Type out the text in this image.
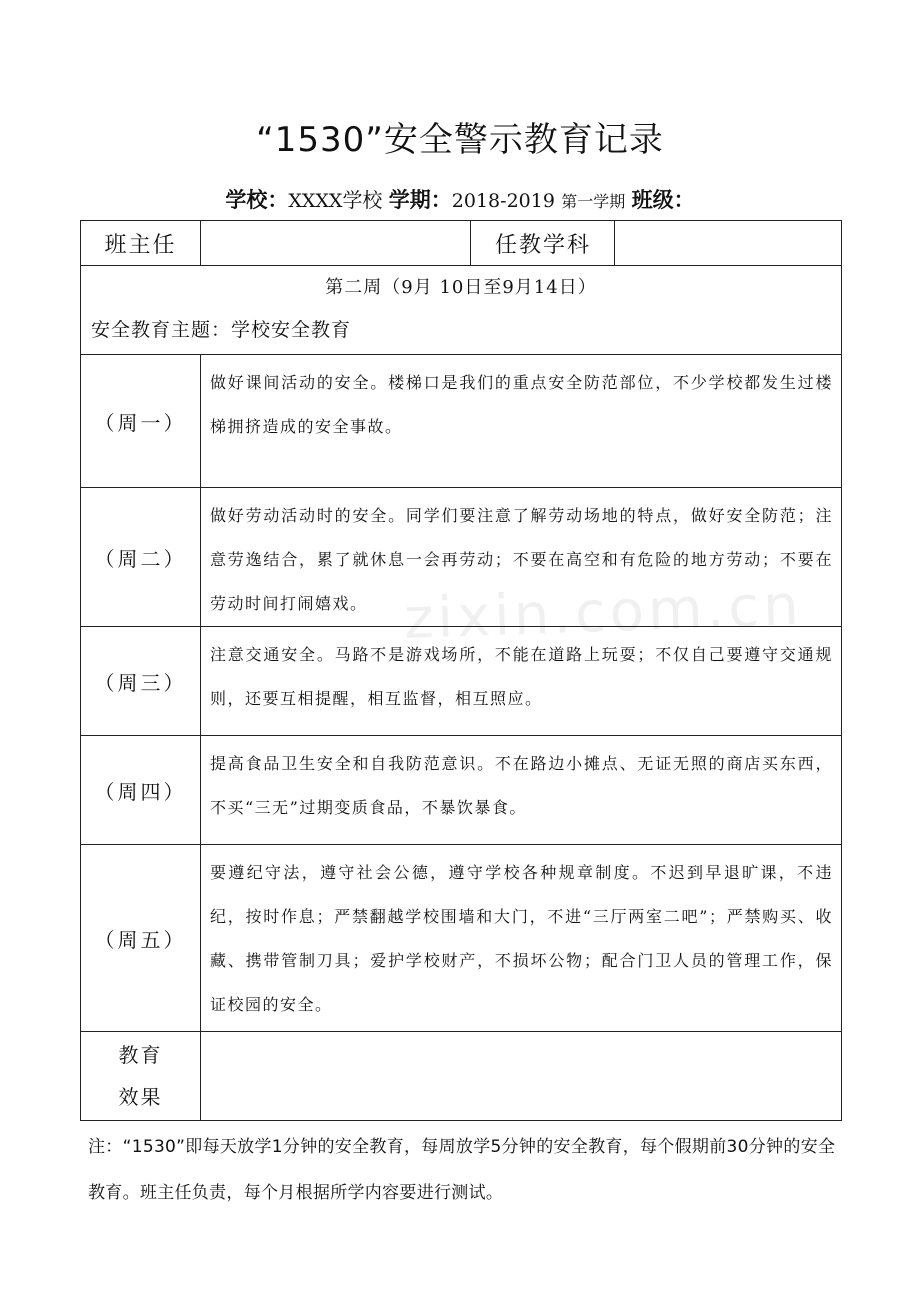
“1530”安全警示教育记录
学校：XXXX学校 学期：2018-2019 第一学期 班级：
班主任		任教学科	

第二周（9月 10日至9月14日）
安全教育主题：学校安全教育			

（周一）	做好课间活动的安全。楼梯口是我们的重点安全防范部位，不少学校都发生过楼梯拥挤造成的安全事故。		
（周二）	做好劳动活动时的安全。同学们要注意了解劳动场地的特点，做好安全防范；注意劳逸结合，累了就休息一会再劳动；不要在高空和有危险的地方劳动；不要在劳动时间打闹嬉戏。		
（周三）	注意交通安全。马路不是游戏场所，不能在道路上玩耍；不仅自己要遵守交通规则，还要互相提醒，相互监督，相互照应。		
（周四）	提高食品卫生安全和自我防范意识。不在路边小摊点、无证无照的商店买东西，不买“三无”过期变质食品，不暴饮暴食。		
（周五）	要遵纪守法，遵守社会公德，遵守学校各种规章制度。不迟到早退旷课，不违纪，按时作息；严禁翻越学校围墙和大门，不进“三厅两室二吧”；严禁购买、收藏、携带管制刀具；爱护学校财产，不损坏公物；配合门卫人员的管理工作，保证校园的安全。		

教育
效果			

zixin.com.cn
注：“1530”即每天放学1分钟的安全教育，每周放学5分钟的安全教育，每个假期前30分钟的安全教育。班主任负责，每个月根据所学内容要进行测试。
